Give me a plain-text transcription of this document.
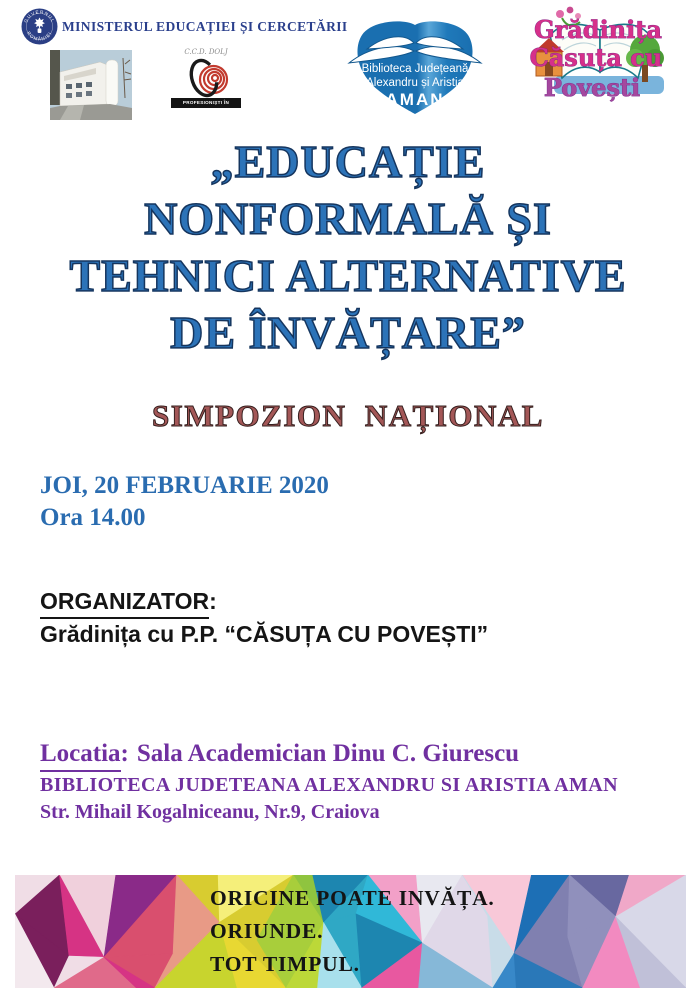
GUVERNUL
ROMÂNIEI MINISTERUL EDUCAȚIEI ȘI CERCETĂRII
C.C.D. DOLJ
PROFESIONIȘTI ÎN EDUCAȚIE
Biblioteca Județeană
Alexandru și Aristia
AMAN
Grădinița
Căsuța cu
Povești
„EDUCAȚIE
NONFORMALĂ ȘI
TEHNICI ALTERNATIVE
DE ÎNVĂȚARE”
SIMPOZION  NAȚIONAL
JOI, 20 FEBRUARIE 2020
Ora 14.00
ORGANIZATOR:
Grădinița cu P.P. “CĂSUȚA CU POVEȘTI”
Locatia: Sala Academician Dinu C. Giurescu
BIBLIOTECA JUDETEANA ALEXANDRU SI ARISTIA AMAN
Str. Mihail Kogalniceanu, Nr.9, Craiova
ORICINE POATE INVĂȚA.
ORIUNDE.
TOT TIMPUL.
